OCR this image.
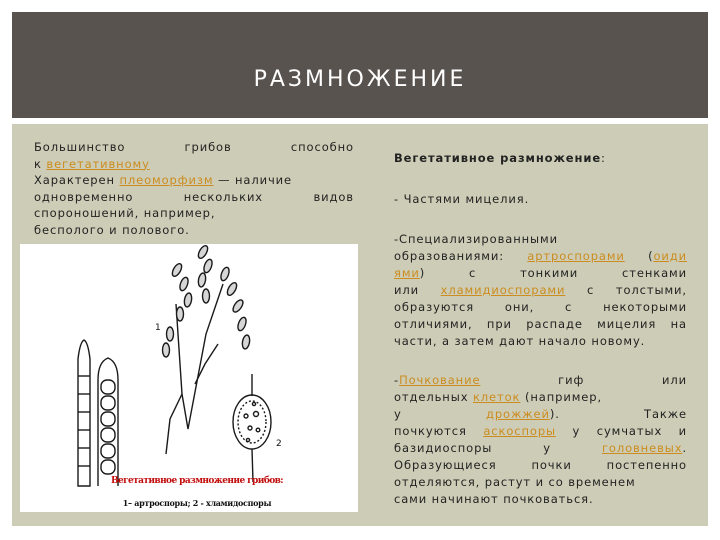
РАЗМНОЖЕНИЕ
Большинство	грибов	способно
к вегетативному
Характерен плеоморфизм — наличие
одновременно	нескольких	видов
спороношений, например,
бесполого и полового.
Вегетативное размножение:
- Частями мицелия.
-Специализированными
образованиями: артроспорами (оиди
ями)	с	тонкими	стенками
или хламидиоспорами с толстыми,
образуются	они,	с	некоторыми
отличиями, при распаде мицелия на
части, а затем дают начало новому.
-Почкование гиф	или
отдельных клеток (например,
у дрожжей).	Также
почкуются аскоспоры у сумчатых и
базидиоспоры	у	головневых.
Образующиеся	почки	постепенно
отделяются, растут и со временем
сами начинают почковаться.
1
2
Вегетативное размножение грибов:
1– артроспоры; 2 - хламидоспоры
